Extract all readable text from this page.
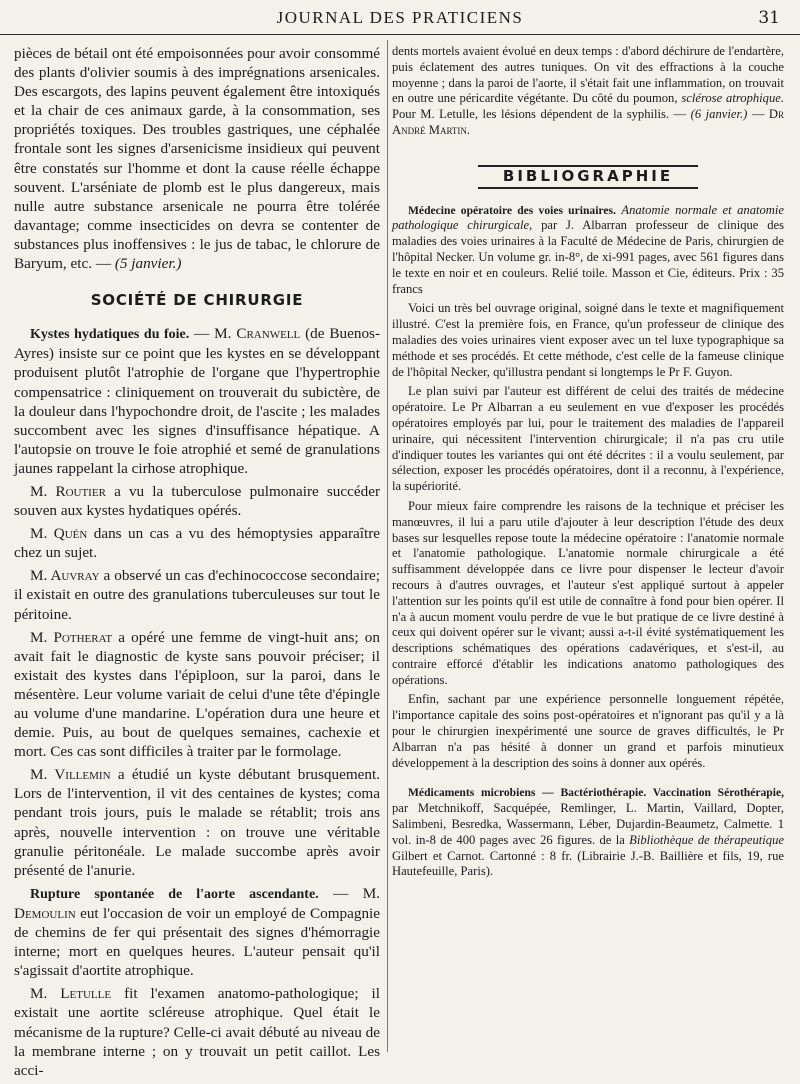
JOURNAL DES PRATICIENS	31

pièces de bétail ont été empoisonnées pour avoir consommé des plants d'olivier soumis à des imprégnations arsenicales. Des escargots, des lapins peuvent également être intoxiqués et la chair de ces animaux garde, à la consommation, ses propriétés toxiques. Des troubles gastriques, une céphalée frontale sont les signes d'arsenicisme insidieux qui peuvent être constatés sur l'homme et dont la cause réelle échappe souvent. L'arséniate de plomb est le plus dangereux, mais nulle autre substance arsenicale ne pourra être tolérée davantage; comme insecticides on devra se contenter de substances plus inoffensives : le jus de tabac, le chlorure de Baryum, etc. — (5 janvier.)

SOCIÉTÉ DE CHIRURGIE

Kystes hydatiques du foie. — M. Cranwell (de Buenos-Ayres) insiste sur ce point que les kystes en se développant produisent plutôt l'atrophie de l'organe que l'hypertrophie compensatrice : cliniquement on trouverait du subictère, de la douleur dans l'hypochondre droit, de l'ascite ; les malades succombent avec les signes d'insuffisance hépatique. A l'autopsie on trouve le foie atrophié et semé de granulations jaunes rappelant la cirhose atrophique.

M. Routier a vu la tuberculose pulmonaire succéder souven aux kystes hydatiques opérés.

M. Quén dans un cas a vu des hémoptysies apparaître chez un sujet.

M. Auvray a observé un cas d'echinococcose secondaire; il existait en outre des granulations tuberculeuses sur tout le péritoine.

M. Potherat a opéré une femme de vingt-huit ans; on avait fait le diagnostic de kyste sans pouvoir préciser; il existait des kystes dans l'épiploon, sur la paroi, dans le mésentère. Leur volume variait de celui d'une tête d'épingle au volume d'une mandarine. L'opération dura une heure et demie. Puis, au bout de quelques semaines, cachexie et mort. Ces cas sont difficiles à traiter par le formolage.

M. Villemin a étudié un kyste débutant brusquement. Lors de l'intervention, il vit des centaines de kystes; coma pendant trois jours, puis le malade se rétablit; trois ans après, nouvelle intervention : on trouve une véritable granulie péritonéale. Le malade succombe après avoir présenté de l'anurie.

Rupture spontanée de l'aorte ascendante. — M. Demoulin eut l'occasion de voir un employé de Compagnie de chemins de fer qui présentait des signes d'hémorragie interne; mort en quelques heures. L'auteur pensait qu'il s'agissait d'aortite atrophique.

M. Letulle fit l'examen anatomo-pathologique; il existait une aortite scléreuse atrophique. Quel était le mécanisme de la rupture? Celle-ci avait débuté au niveau de la membrane interne ; on y trouvait un petit caillot. Les acci-

dents mortels avaient évolué en deux temps : d'abord déchirure de l'endartère, puis éclatement des autres tuniques. On vit des effractions à la couche moyenne ; dans la paroi de l'aorte, il s'était fait une inflammation, on trouvait en outre une péricardite végétante. Du côté du poumon, sclérose atrophique. Pour M. Letulle, les lésions dépendent de la syphilis. — (6 janvier.) — Dr André Martin.

BIBLIOGRAPHIE

Médecine opératoire des voies urinaires. Anatomie normale et anatomie pathologique chirurgicale, par J. Albarran professeur de clinique des maladies des voies urinaires à la Faculté de Médecine de Paris, chirurgien de l'hôpital Necker. Un volume gr. in-8°, de xi-991 pages, avec 561 figures dans le texte en noir et en couleurs. Relié toile. Masson et Cie, éditeurs. Prix : 35 francs

Voici un très bel ouvrage original, soigné dans le texte et magnifiquement illustré. C'est la première fois, en France, qu'un professeur de clinique des maladies des voies urinaires vient exposer avec un tel luxe typographique sa méthode et ses procédés. Et cette méthode, c'est celle de la fameuse clinique de l'hôpital Necker, qu'illustra pendant si longtemps le Pr F. Guyon.

Le plan suivi par l'auteur est différent de celui des traités de médecine opératoire. Le Pr Albarran a eu seulement en vue d'exposer les procédés opératoires employés par lui, pour le traitement des maladies de l'appareil urinaire, qui nécessitent l'intervention chirurgicale; il n'a pas cru utile d'indiquer toutes les variantes qui ont été décrites : il a voulu seulement, par sélection, exposer les procédés opératoires, dont il a reconnu, à l'expérience, la supériorité.

Pour mieux faire comprendre les raisons de la technique et préciser les manœuvres, il lui a paru utile d'ajouter à leur description l'étude des deux bases sur lesquelles repose toute la médecine opératoire : l'anatomie normale et l'anatomie pathologique. L'anatomie normale chirurgicale a été suffisamment développée dans ce livre pour dispenser le lecteur d'avoir recours à d'autres ouvrages, et l'auteur s'est appliqué surtout à appeler l'attention sur les points qu'il est utile de connaître à fond pour bien opérer. Il n'a à aucun moment voulu perdre de vue le but pratique de ce livre destiné à ceux qui doivent opérer sur le vivant; aussi a-t-il évité systématiquement les descriptions schématiques des opérations cadavériques, et s'est-il, au contraire efforcé d'établir les indications anatomo pathologiques des opérations.

Enfin, sachant par une expérience personnelle longuement répétée, l'importance capitale des soins post-opératoires et n'ignorant pas qu'il y a là pour le chirurgien inexpérimenté une source de graves difficultés, le Pr Albarran n'a pas hésité à donner un grand et parfois minutieux développement à la description des soins à donner aux opérés.

Médicaments microbiens — Bactériothérapie. Vaccination Sérothérapie, par Metchnikoff, Sacquépée, Remlinger, L. Martin, Vaillard, Dopter, Salimbeni, Besredka, Wassermann, Léber, Dujardin-Beaumetz, Calmette. 1 vol. in-8 de 400 pages avec 26 figures. de la Bibliothèque de thérapeutique Gilbert et Carnot. Cartonné : 8 fr. (Librairie J.-B. Baillière et fils, 19, rue Hautefeuille, Paris).
